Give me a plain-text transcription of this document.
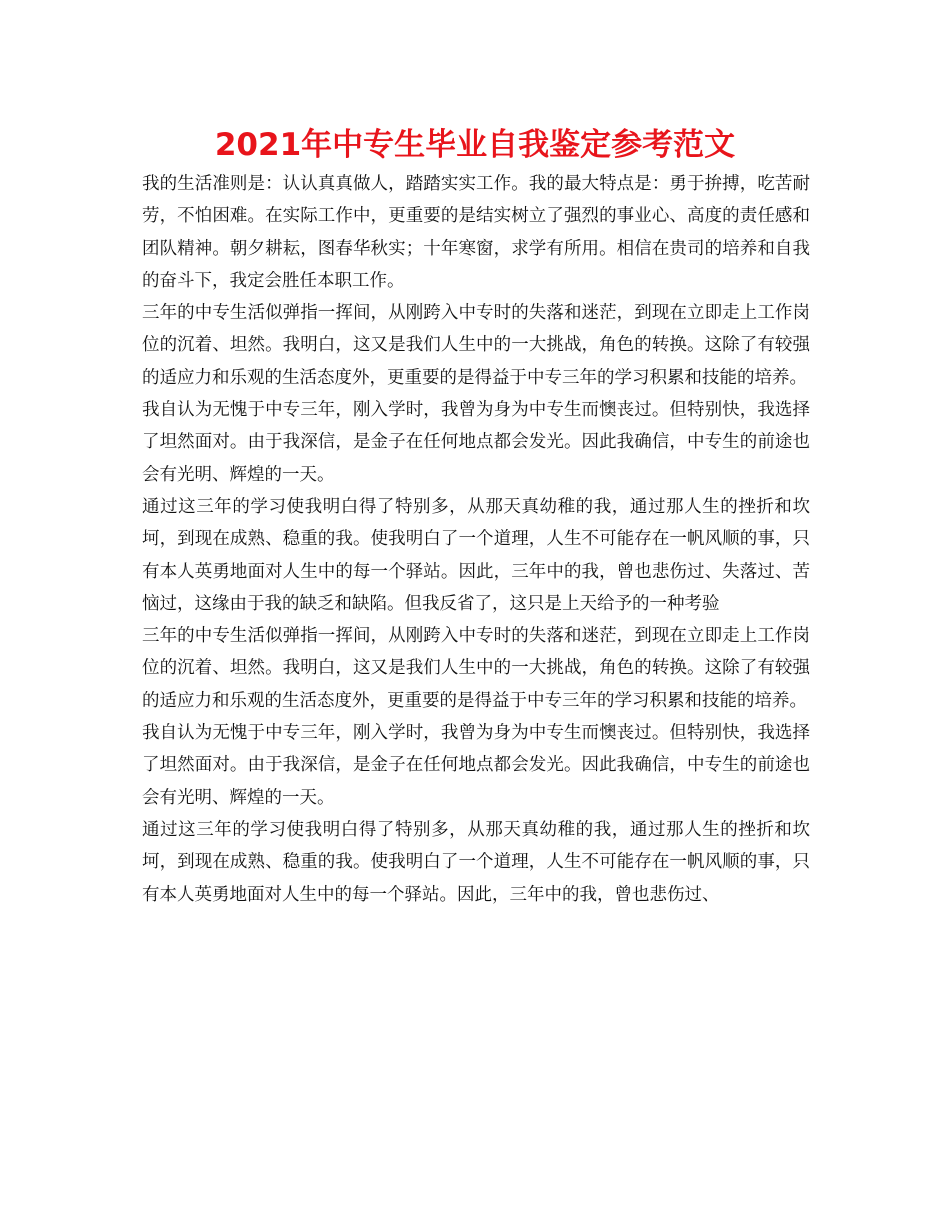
2021年中专生毕业自我鉴定参考范文

我的生活准则是：认认真真做人，踏踏实实工作。我的最大特点是：勇于拚搏，吃苦耐劳，不怕困难。在实际工作中，更重要的是结实树立了强烈的事业心、高度的责任感和团队精神。朝夕耕耘，图春华秋实；十年寒窗，求学有所用。相信在贵司的培养和自我的奋斗下，我定会胜任本职工作。

三年的中专生活似弹指一挥间，从刚跨入中专时的失落和迷茫，到现在立即走上工作岗位的沉着、坦然。我明白，这又是我们人生中的一大挑战，角色的转换。这除了有较强的适应力和乐观的生活态度外，更重要的是得益于中专三年的学习积累和技能的培养。

我自认为无愧于中专三年，刚入学时，我曾为身为中专生而懊丧过。但特别快，我选择了坦然面对。由于我深信，是金子在任何地点都会发光。因此我确信，中专生的前途也会有光明、辉煌的一天。

通过这三年的学习使我明白得了特别多，从那天真幼稚的我，通过那人生的挫折和坎坷，到现在成熟、稳重的我。使我明白了一个道理，人生不可能存在一帆风顺的事，只有本人英勇地面对人生中的每一个驿站。因此，三年中的我，曾也悲伤过、失落过、苦恼过，这缘由于我的缺乏和缺陷。但我反省了，这只是上天给予的一种考验

三年的中专生活似弹指一挥间，从刚跨入中专时的失落和迷茫，到现在立即走上工作岗位的沉着、坦然。我明白，这又是我们人生中的一大挑战，角色的转换。这除了有较强的适应力和乐观的生活态度外，更重要的是得益于中专三年的学习积累和技能的培养。

我自认为无愧于中专三年，刚入学时，我曾为身为中专生而懊丧过。但特别快，我选择了坦然面对。由于我深信，是金子在任何地点都会发光。因此我确信，中专生的前途也会有光明、辉煌的一天。

通过这三年的学习使我明白得了特别多，从那天真幼稚的我，通过那人生的挫折和坎坷，到现在成熟、稳重的我。使我明白了一个道理，人生不可能存在一帆风顺的事，只有本人英勇地面对人生中的每一个驿站。因此，三年中的我，曾也悲伤过、
